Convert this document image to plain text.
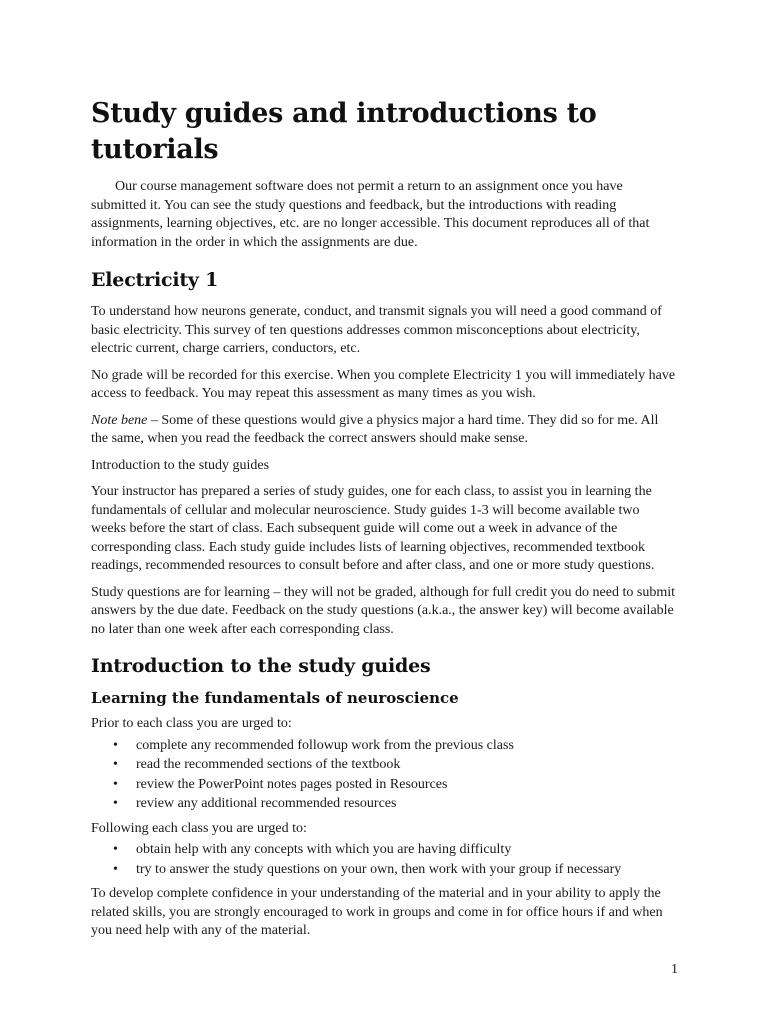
Study guides and introductions to tutorials

Our course management software does not permit a return to an assignment once you have submitted it. You can see the study questions and feedback, but the introductions with reading assignments, learning objectives, etc. are no longer accessible. This document reproduces all of that information in the order in which the assignments are due.

Electricity 1

To understand how neurons generate, conduct, and transmit signals you will need a good command of basic electricity. This survey of ten questions addresses common misconceptions about electricity, electric current, charge carriers, conductors, etc.

No grade will be recorded for this exercise. When you complete Electricity 1 you will immediately have access to feedback. You may repeat this assessment as many times as you wish.

Note bene – Some of these questions would give a physics major a hard time. They did so for me. All the same, when you read the feedback the correct answers should make sense.

Introduction to the study guides

Your instructor has prepared a series of study guides, one for each class, to assist you in learning the fundamentals of cellular and molecular neuroscience. Study guides 1-3 will become available two weeks before the start of class. Each subsequent guide will come out a week in advance of the corresponding class. Each study guide includes lists of learning objectives, recommended textbook readings, recommended resources to consult before and after class, and one or more study questions.

Study questions are for learning – they will not be graded, although for full credit you do need to submit answers by the due date. Feedback on the study questions (a.k.a., the answer key) will become available no later than one week after each corresponding class.

Introduction to the study guides
Learning the fundamentals of neuroscience

Prior to each class you are urged to:

• complete any recommended followup work from the previous class
• read the recommended sections of the textbook
• review the PowerPoint notes pages posted in Resources
• review any additional recommended resources

Following each class you are urged to:

• obtain help with any concepts with which you are having difficulty
• try to answer the study questions on your own, then work with your group if necessary

To develop complete confidence in your understanding of the material and in your ability to apply the related skills, you are strongly encouraged to work in groups and come in for office hours if and when you need help with any of the material.

1
